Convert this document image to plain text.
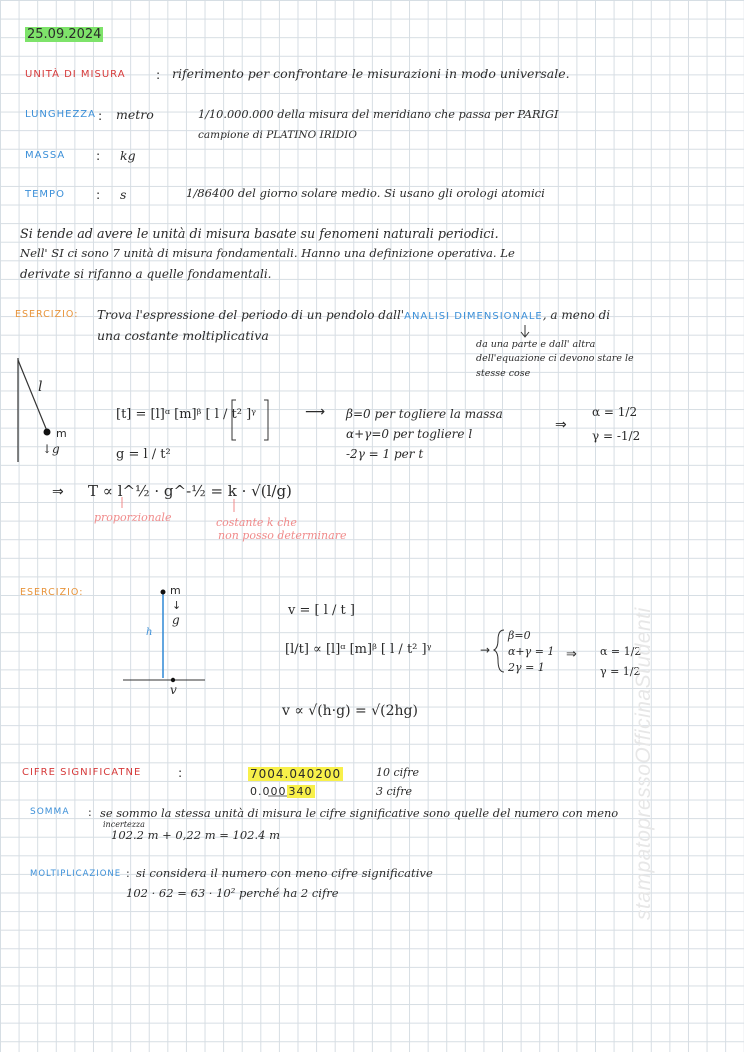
25.09.2024
UNITÀ DI MISURA : riferimento per confrontare le misurazioni in modo universale.
LUNGHEZZA : metro	1/10.000.000 della misura del meridiano che passa per PARIGI
campione di PLATINO IRIDIO
MASSA : kg
TEMPO : s	1/86400 del giorno solare medio. Si usano gli orologi atomici
Si tende ad avere le unità di misura basate su fenomeni naturali periodici.
Nell' SI ci sono 7 unità di misura fondamentali. Hanno una definizione operativa. Le
derivate si rifanno a quelle fondamentali.
ESERCIZIO: Trova l'espressione del periodo di un pendolo dall'ANALISI DIMENSIONALE, a meno di
una costante moltiplicativa
da una parte e dall' altra
dell'equazione ci devono stare le
stesse cose
l
m
↓g
[t] = [l]ᵅ [m]ᵝ [ l / t² ]ᵞ
g = l / t²
⟶ β=0 per togliere la massa
α+γ=0 per togliere l
-2γ = 1 per t
⇒
α = 1/2
γ = -1/2
⇒ T ∝ l^½ · g^-½ = k · √(l/g)
proporzionale	costante k che
non posso determinare
ESERCIZIO:	m
g
↓
h
v
v = [ l / t ]
[l/t] ∝ [l]ᵅ [m]ᵝ [ l / t² ]ᵞ	→
β=0
α+γ = 1
2γ = 1
⇒ α = 1/2
γ = 1/2
v ∝ √(h·g) = √(2hg)
CIFRE SIGNIFICATNE	:	7004.040200	10 cifre
0.000 340	3 cifre
SOMMA : se sommo la stessa unità di misura le cifre significative sono quelle del numero con meno
incertezza
102.2 m + 0,22 m = 102.4 m
MOLTIPLICAZIONE : si considera il numero con meno cifre significative
102 · 62 = 63 · 10² perché ha 2 cifre	stampatopressoOfficinaStudenti
